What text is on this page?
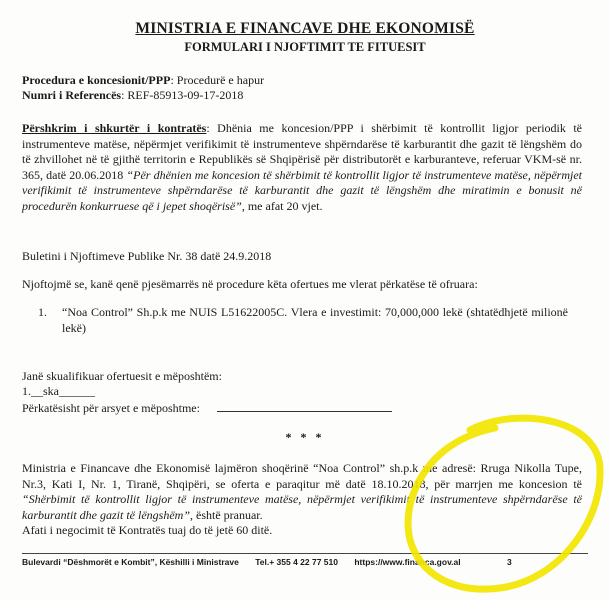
MINISTRIA E FINANCAVE DHE EKONOMISË
FORMULARI I NJOFTIMIT TE FITUESIT
Procedura e koncesionit/PPP: Procedurë e hapur
Numri i Referencës: REF-85913-09-17-2018
Përshkrim i shkurtër i kontratës: Dhënia me koncesion/PPP i shërbimit të kontrollit ligjor periodik të instrumenteve matëse, nëpërmjet verifikimit të instrumenteve shpërndarëse të karburantit dhe gazit të lëngshëm do të zhvillohet në të gjithë territorin e Republikës së Shqipërisë për distributorët e karburanteve, referuar VKM-së nr. 365, datë 20.06.2018 “Për dhënien me koncesion të shërbimit të kontrollit ligjor të instrumenteve matëse, nëpërmjet verifikimit të instrumenteve shpërndarëse të karburantit dhe gazit të lëngshëm dhe miratimin e bonusit në procedurën konkurruese që i jepet shoqërisë”, me afat 20 vjet.
Buletini i Njoftimeve Publike Nr. 38 datë 24.9.2018
Njoftojmë se, kanë qenë pjesëmarrës në procedure këta ofertues me vlerat përkatëse të ofruara:
1.	“Noa Control” Sh.p.k me NUIS L51622005C. Vlera e investimit: 70,000,000 lekë (shtatëdhjetë milionë lekë)
Janë skualifikuar ofertuesit e mëposhtëm:
1.__ska______
Përkatësisht për arsyet e mëposhtme:
* * *
Ministria e Financave dhe Ekonomisë lajmëron shoqërinë “Noa Control” sh.p.k me adresë: Rruga Nikolla Tupe, Nr.3, Kati I, Nr. 1, Tiranë, Shqipëri, se oferta e paraqitur më datë 18.10.2018, për marrjen me koncesion të “Shërbimit të kontrollit ligjor të instrumenteve matëse, nëpërmjet verifikimit të instrumenteve shpërndarëse të karburantit dhe gazit të lëngshëm”, është pranuar.
Afati i negocimit të Kontratës tuaj do të jetë 60 ditë.
Bulevardi “Dëshmorët e Kombit”, Këshilli i Ministrave Tel.+ 355 4 22 77 510 https://www.financa.gov.al	3
